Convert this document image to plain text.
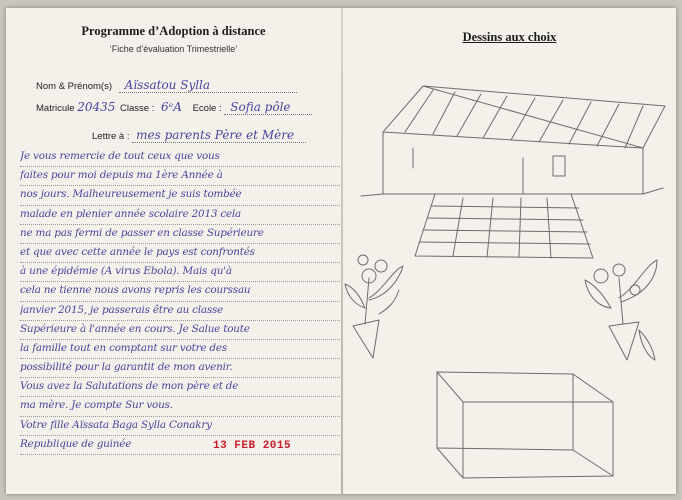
Programme d’Adoption à distance
‘Fiche d’évaluation Trimestrielle’
Nom & Prénom(s) Aïssatou Sylla
Matricule 20435 Classe : 6ᵉA Ecole : Sofia pôle
Lettre à : mes parents Père et Mère
Je vous remercie de tout ceux que vous
faites pour moi depuis ma 1ère Année à
nos jours. Malheureusement je suis tombée
malade en plenier année scolaire 2013 cela
ne ma pas fermi de passer en classe Supérieure
et que avec cette année le pays est confrontés
à une épidémie (A virus Ebola). Mais qu'à
cela ne tienne nous avons repris les courssau
janvier 2015, je passerais être au classe
Supérieure à l'année en cours. Je Salue toute
la famille tout en comptant sur votre des
possibilité pour la garantit de mon avenir.
Vous avez la Salutations de mon père et de
ma mère. Je compte Sur vous.
Votre fille Aïssata Baga Sylla Conakry
Republique de guinée	13 FEB 2015
Dessins aux choix
